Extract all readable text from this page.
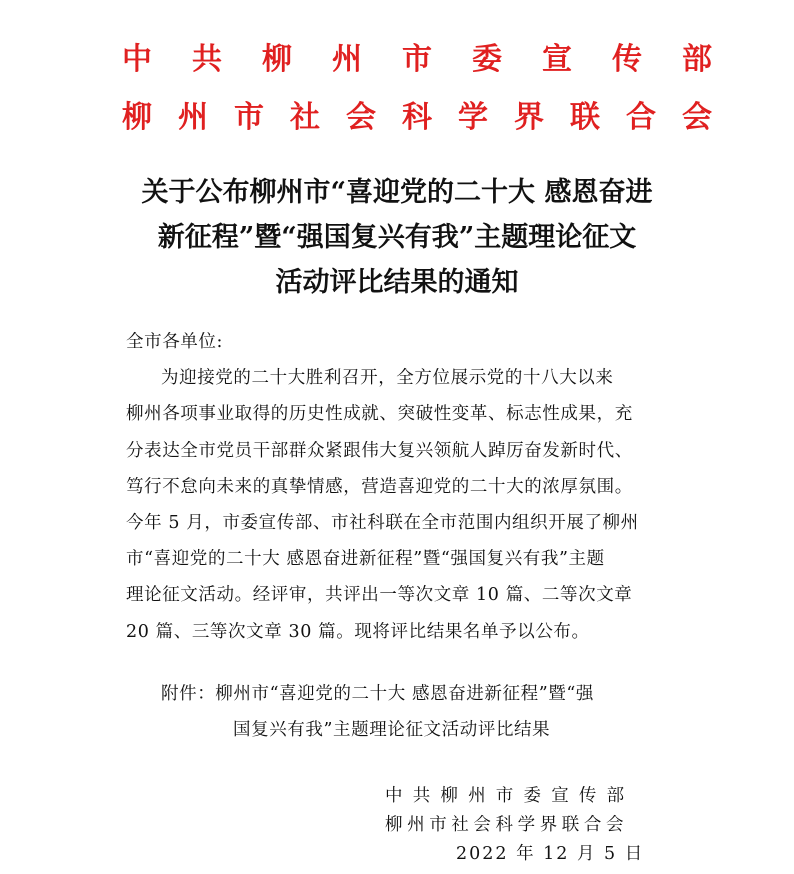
中 共 柳 州 市 委 宣 传 部
柳 州 市 社 会 科 学 界 联 合 会
关于公布柳州市“喜迎党的二十大 感恩奋进
新征程”暨“强国复兴有我”主题理论征文
活动评比结果的通知

全市各单位:

为迎接党的二十大胜利召开，全方位展示党的十八大以来

柳州各项事业取得的历史性成就、突破性变革、标志性成果，充

分表达全市党员干部群众紧跟伟大复兴领航人踔厉奋发新时代、

笃行不怠向未来的真挚情感，营造喜迎党的二十大的浓厚氛围。

今年 5 月，市委宣传部、市社科联在全市范围内组织开展了柳州

市“喜迎党的二十大 感恩奋进新征程”暨“强国复兴有我”主题

理论征文活动。经评审，共评出一等次文章 10 篇、二等次文章

20 篇、三等次文章 30 篇。现将评比结果名单予以公布。

附件：柳州市“喜迎党的二十大 感恩奋进新征程”暨“强

国复兴有我”主题理论征文活动评比结果

中共柳州市委宣传部
柳州市社会科学界联合会
2022 年 12 月 5 日
